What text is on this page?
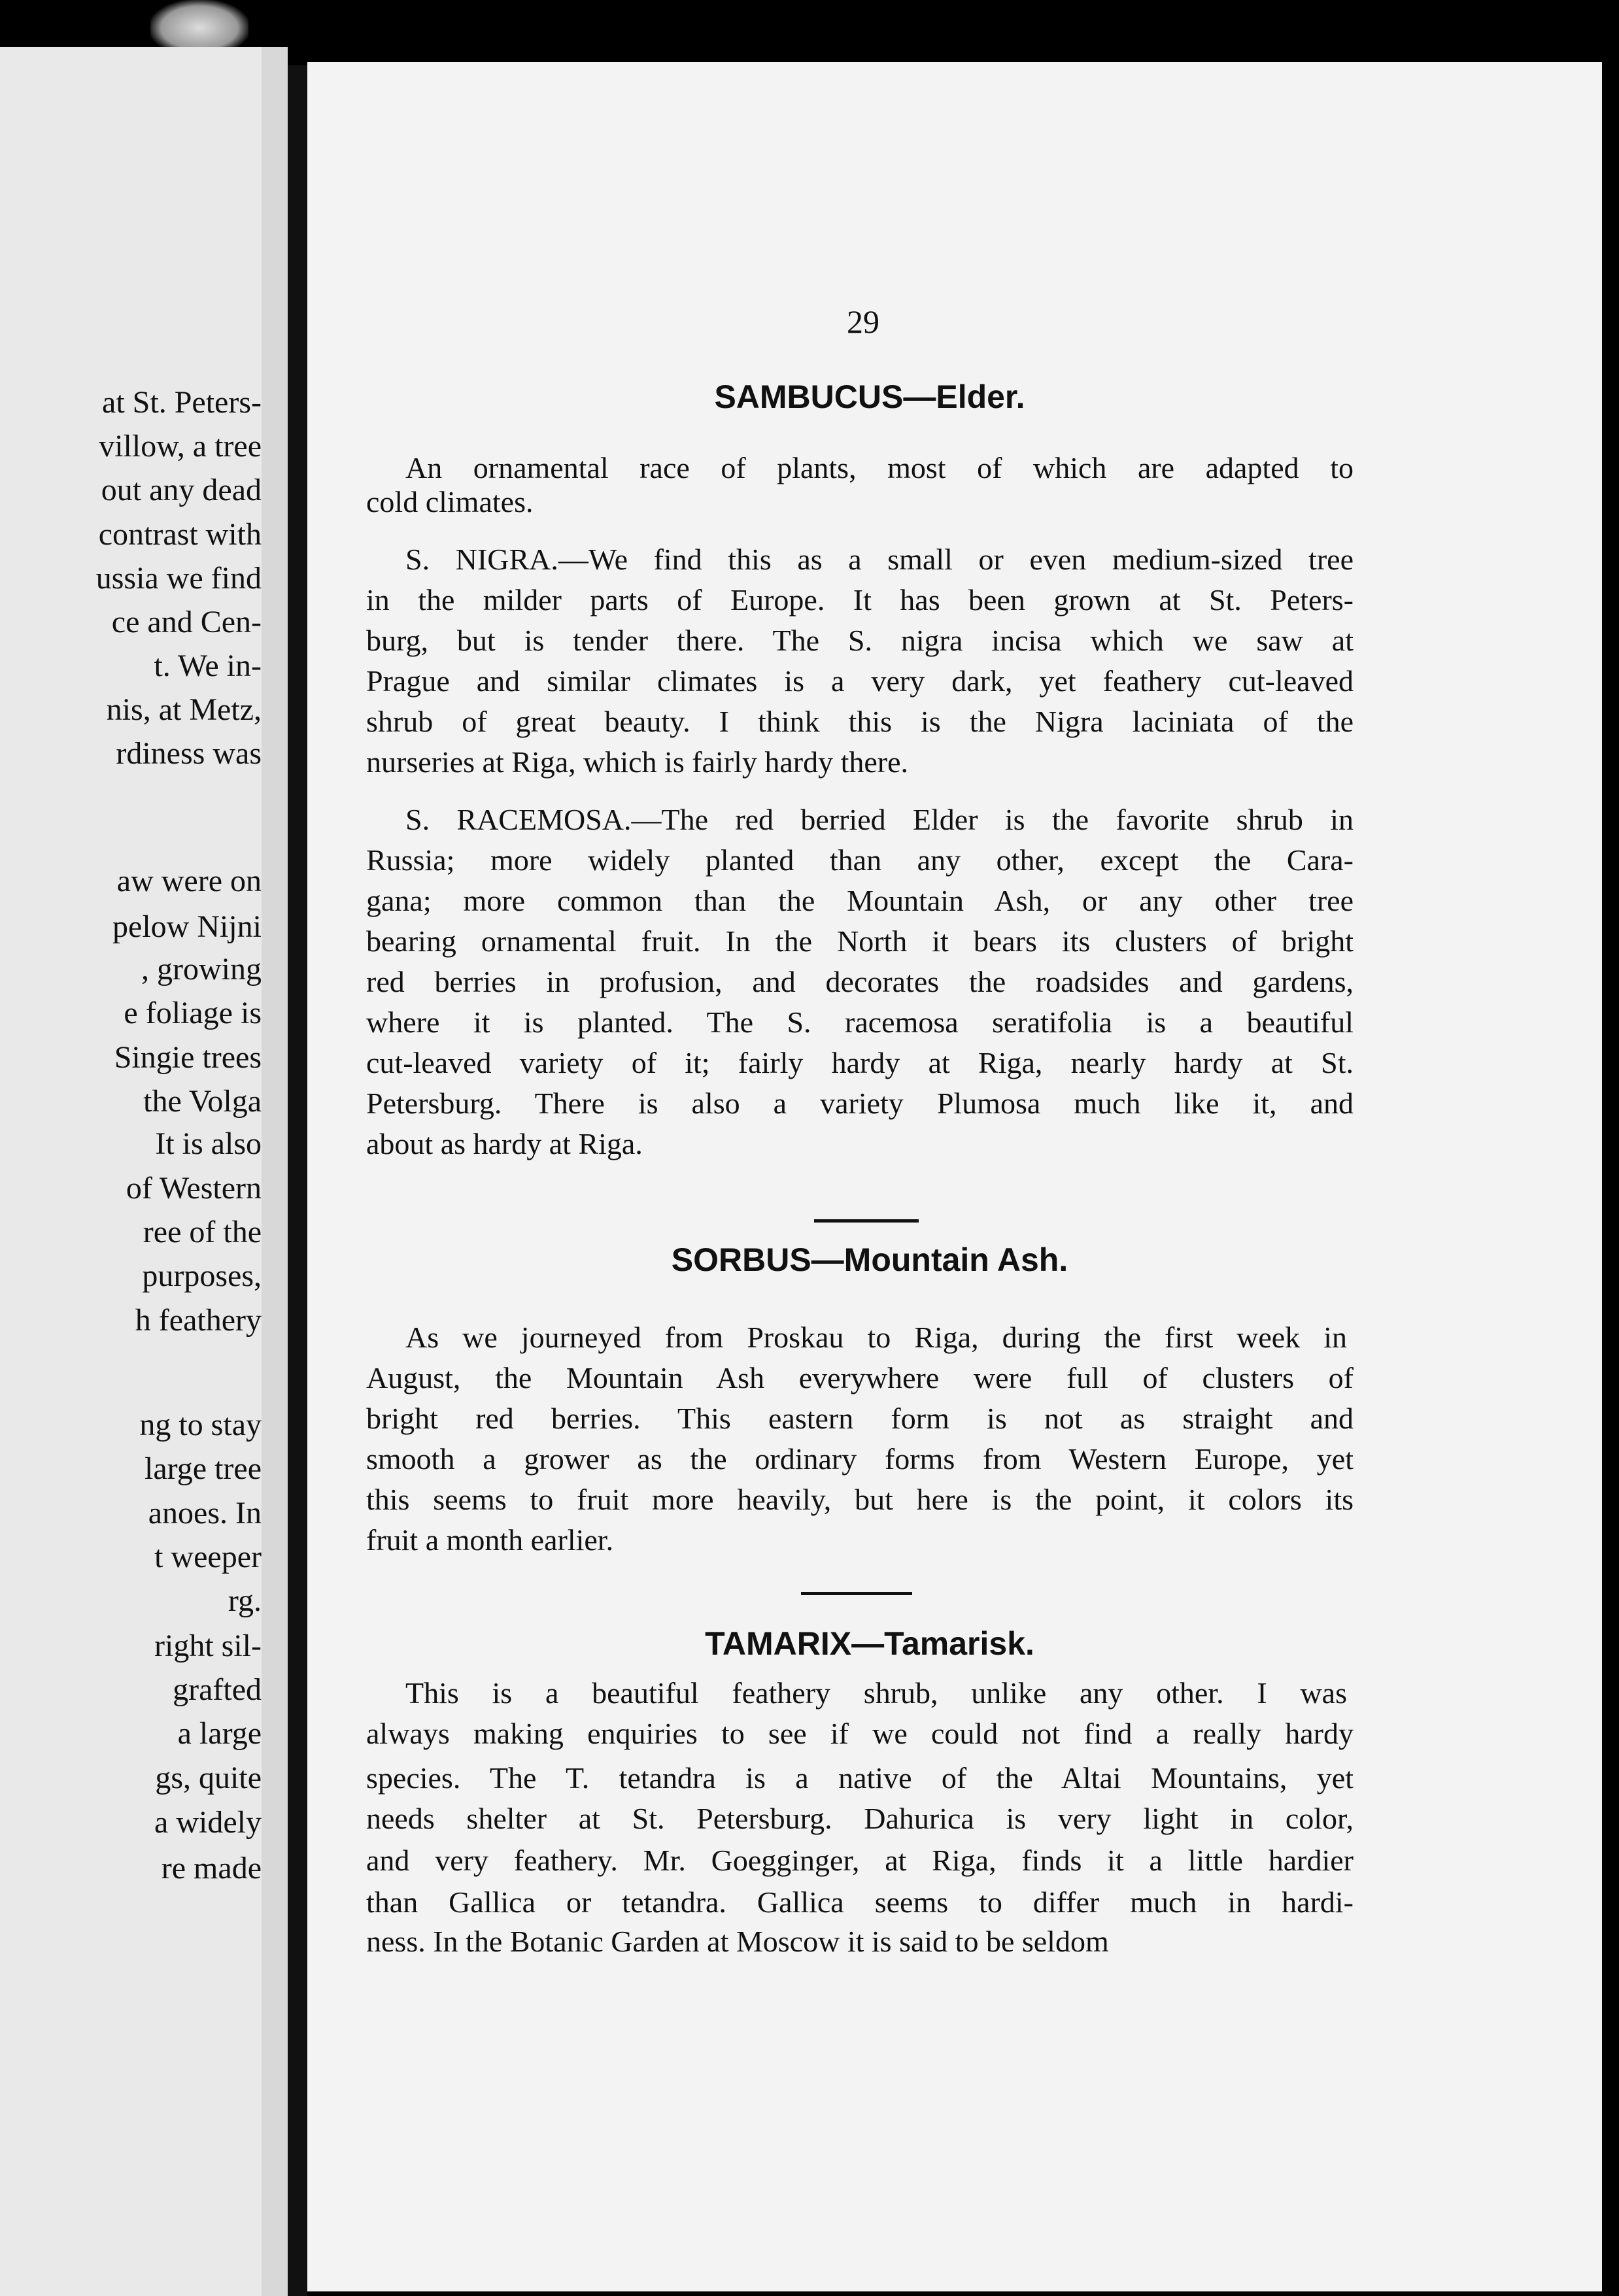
at St. Peters-
villow, a tree
out any dead
contrast with
ussia we find
ce and Cen-
t. We in-
nis, at Metz,
rdiness was
aw were on
pelow Nijni
, growing
e foliage is
Singie trees
the Volga
It is also
of Western
ree of the
purposes,
h feathery
ng to stay
large tree
anoes. In
t weeper
rg.
right sil-
grafted
a large
gs, quite
a widely
re made
29
SAMBUCUS—Elder.
An ornamental race of plants, most of which are adapted to
cold climates.
S. NIGRA.—We find this as a small or even medium-sized tree
in the milder parts of Europe. It has been grown at St. Peters-
burg, but is tender there. The S. nigra incisa which we saw at
Prague and similar climates is a very dark, yet feathery cut-leaved
shrub of great beauty. I think this is the Nigra laciniata of the
nurseries at Riga, which is fairly hardy there.
S. RACEMOSA.—The red berried Elder is the favorite shrub in
Russia; more widely planted than any other, except the Cara-
gana; more common than the Mountain Ash, or any other tree
bearing ornamental fruit. In the North it bears its clusters of bright
red berries in profusion, and decorates the roadsides and gardens,
where it is planted. The S. racemosa seratifolia is a beautiful
cut-leaved variety of it; fairly hardy at Riga, nearly hardy at St.
Petersburg. There is also a variety Plumosa much like it, and
about as hardy at Riga.
SORBUS—Mountain Ash.
As we journeyed from Proskau to Riga, during the first week in
August, the Mountain Ash everywhere were full of clusters of
bright red berries. This eastern form is not as straight and
smooth a grower as the ordinary forms from Western Europe, yet
this seems to fruit more heavily, but here is the point, it colors its
fruit a month earlier.
TAMARIX—Tamarisk.
This is a beautiful feathery shrub, unlike any other. I was
always making enquiries to see if we could not find a really hardy
species. The T. tetandra is a native of the Altai Mountains, yet
needs shelter at St. Petersburg. Dahurica is very light in color,
and very feathery. Mr. Goegginger, at Riga, finds it a little hardier
than Gallica or tetandra. Gallica seems to differ much in hardi-
ness. In the Botanic Garden at Moscow it is said to be seldom
